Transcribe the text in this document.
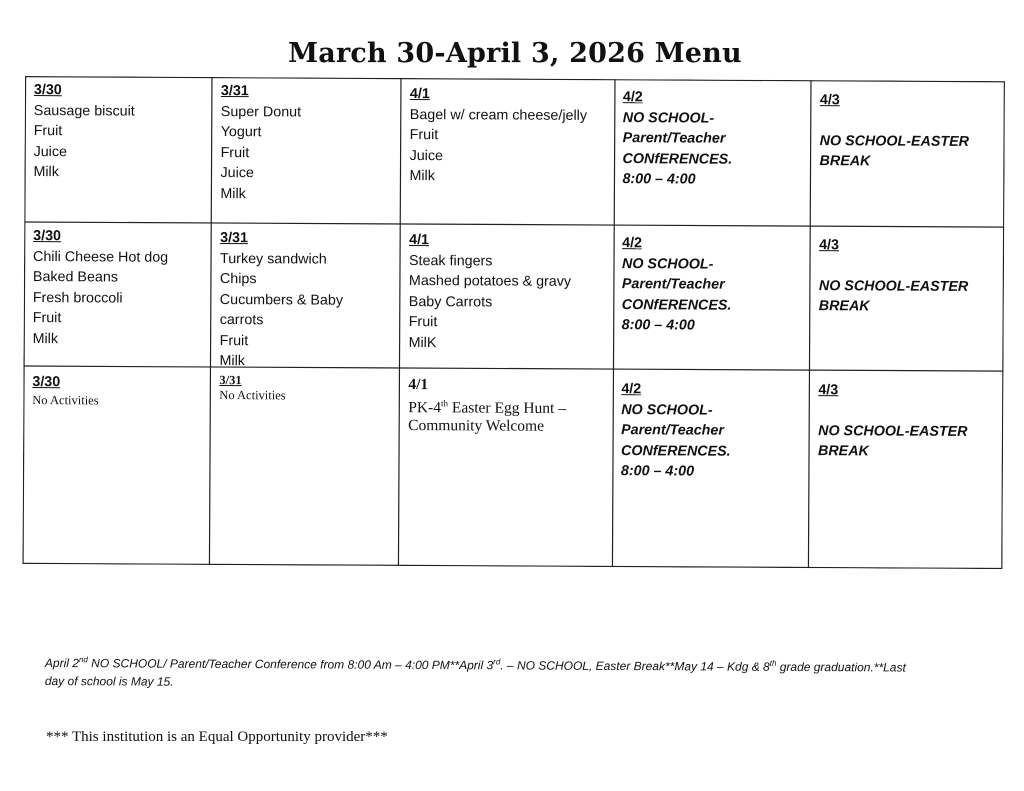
March 30-April 3, 2026 Menu
3/30
Sausage biscuit
Fruit
Juice
Milk
3/31
Super Donut
Yogurt
Fruit
Juice
Milk
4/1
Bagel w/ cream cheese/jelly
Fruit
Juice
Milk
4/2
NO SCHOOL-
Parent/Teacher
CONfERENCES.
8:00 – 4:00
4/3
NO SCHOOL-EASTER
BREAK
3/30
Chili Cheese Hot dog
Baked Beans
Fresh broccoli
Fruit
Milk
3/31
Turkey sandwich
Chips
Cucumbers & Baby
carrots
Fruit
Milk
4/1
Steak fingers
Mashed potatoes & gravy
Baby Carrots
Fruit
MilK
4/2
NO SCHOOL-
Parent/Teacher
CONfERENCES.
8:00 – 4:00
4/3
NO SCHOOL-EASTER
BREAK
3/30
No Activities
3/31
No Activities
4/1
PK-4th Easter Egg Hunt –
Community Welcome
4/2
NO SCHOOL-
Parent/Teacher
CONfERENCES.
8:00 – 4:00
4/3
NO SCHOOL-EASTER
BREAK
April 2nd NO SCHOOL/ Parent/Teacher Conference from 8:00 Am – 4:00 PM**April 3rd. – NO SCHOOL, Easter Break**May 14 – Kdg & 8th grade graduation.**Last
day of school is May 15.
*** This institution is an Equal Opportunity provider***
